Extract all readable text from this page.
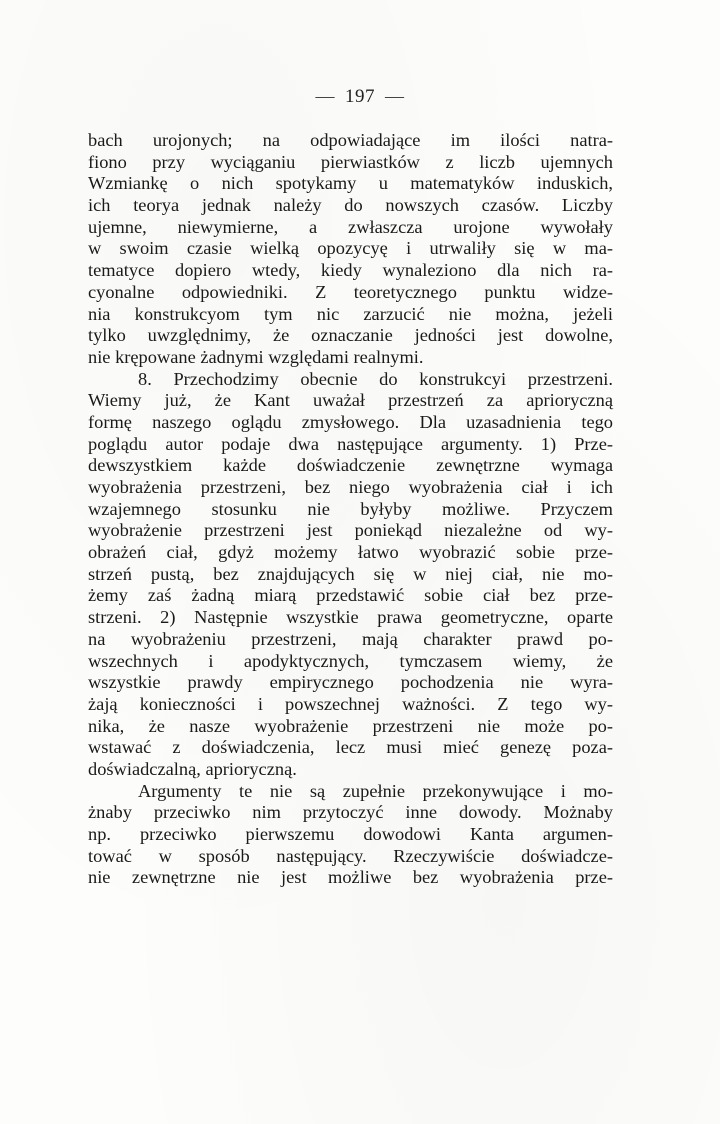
— 197 —
bach urojonych; na odpowiadające im ilości natra-
fiono przy wyciąganiu pierwiastków z liczb ujemnych
Wzmiankę o nich spotykamy u matematyków induskich,
ich teorya jednak należy do nowszych czasów. Liczby
ujemne, niewymierne, a zwłaszcza urojone wywołały
w swoim czasie wielką opozycyę i utrwaliły się w ma-
tematyce dopiero wtedy, kiedy wynaleziono dla nich ra-
cyonalne odpowiedniki. Z teoretycznego punktu widze-
nia konstrukcyom tym nic zarzucić nie można, jeżeli
tylko uwzględnimy, że oznaczanie jedności jest dowolne,
nie krępowane żadnymi względami realnymi.
8. Przechodzimy obecnie do konstrukcyi przestrzeni.
Wiemy już, że Kant uważał przestrzeń za aprioryczną
formę naszego oglądu zmysłowego. Dla uzasadnienia tego
poglądu autor podaje dwa następujące argumenty. 1) Prze-
dewszystkiem każde doświadczenie zewnętrzne wymaga
wyobrażenia przestrzeni, bez niego wyobrażenia ciał i ich
wzajemnego stosunku nie byłyby możliwe. Przyczem
wyobrażenie przestrzeni jest poniekąd niezależne od wy-
obrażeń ciał, gdyż możemy łatwo wyobrazić sobie prze-
strzeń pustą, bez znajdujących się w niej ciał, nie mo-
żemy zaś żadną miarą przedstawić sobie ciał bez prze-
strzeni. 2) Następnie wszystkie prawa geometryczne, oparte
na wyobrażeniu przestrzeni, mają charakter prawd po-
wszechnych i apodyktycznych, tymczasem wiemy, że
wszystkie prawdy empirycznego pochodzenia nie wyra-
żają konieczności i powszechnej ważności. Z tego wy-
nika, że nasze wyobrażenie przestrzeni nie może po-
wstawać z doświadczenia, lecz musi mieć genezę poza-
doświadczalną, aprioryczną.
Argumenty te nie są zupełnie przekonywujące i mo-
żnaby przeciwko nim przytoczyć inne dowody. Możnaby
np. przeciwko pierwszemu dowodowi Kanta argumen-
tować w sposób następujący. Rzeczywiście doświadcze-
nie zewnętrzne nie jest możliwe bez wyobrażenia prze-
